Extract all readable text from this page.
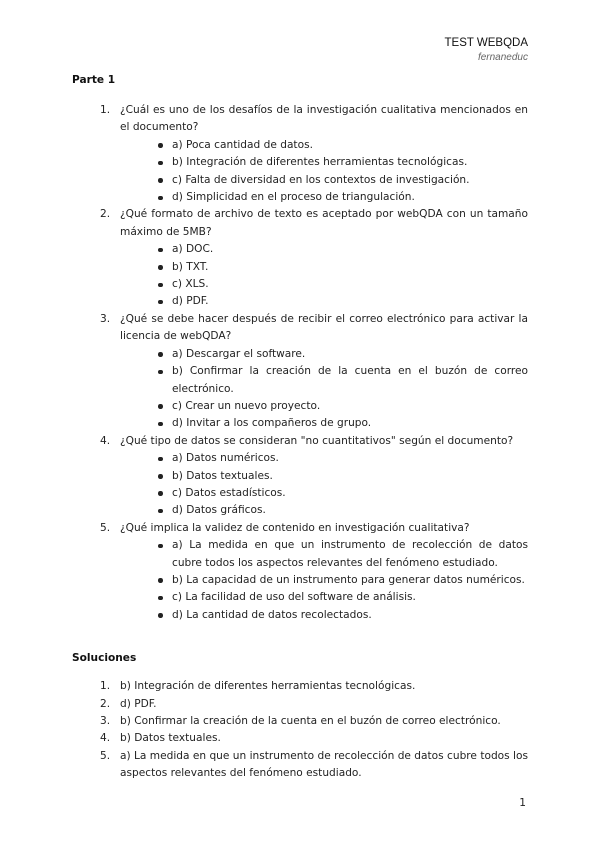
TEST WEBQDA
fernaneduc
Parte 1
1. ¿Cuál es uno de los desafíos de la investigación cualitativa mencionados en el documento?
a) Poca cantidad de datos.
b) Integración de diferentes herramientas tecnológicas.
c) Falta de diversidad en los contextos de investigación.
d) Simplicidad en el proceso de triangulación.
2. ¿Qué formato de archivo de texto es aceptado por webQDA con un tamaño máximo de 5MB?
a) DOC.
b) TXT.
c) XLS.
d) PDF.
3. ¿Qué se debe hacer después de recibir el correo electrónico para activar la licencia de webQDA?
a) Descargar el software.
b) Confirmar la creación de la cuenta en el buzón de correo electrónico.
c) Crear un nuevo proyecto.
d) Invitar a los compañeros de grupo.
4. ¿Qué tipo de datos se consideran "no cuantitativos" según el documento?
a) Datos numéricos.
b) Datos textuales.
c) Datos estadísticos.
d) Datos gráficos.
5. ¿Qué implica la validez de contenido en investigación cualitativa?
a) La medida en que un instrumento de recolección de datos cubre todos los aspectos relevantes del fenómeno estudiado.
b) La capacidad de un instrumento para generar datos numéricos.
c) La facilidad de uso del software de análisis.
d) La cantidad de datos recolectados.
Soluciones
1. b) Integración de diferentes herramientas tecnológicas.
2. d) PDF.
3. b) Confirmar la creación de la cuenta en el buzón de correo electrónico.
4. b) Datos textuales.
5. a) La medida en que un instrumento de recolección de datos cubre todos los aspectos relevantes del fenómeno estudiado.
1
